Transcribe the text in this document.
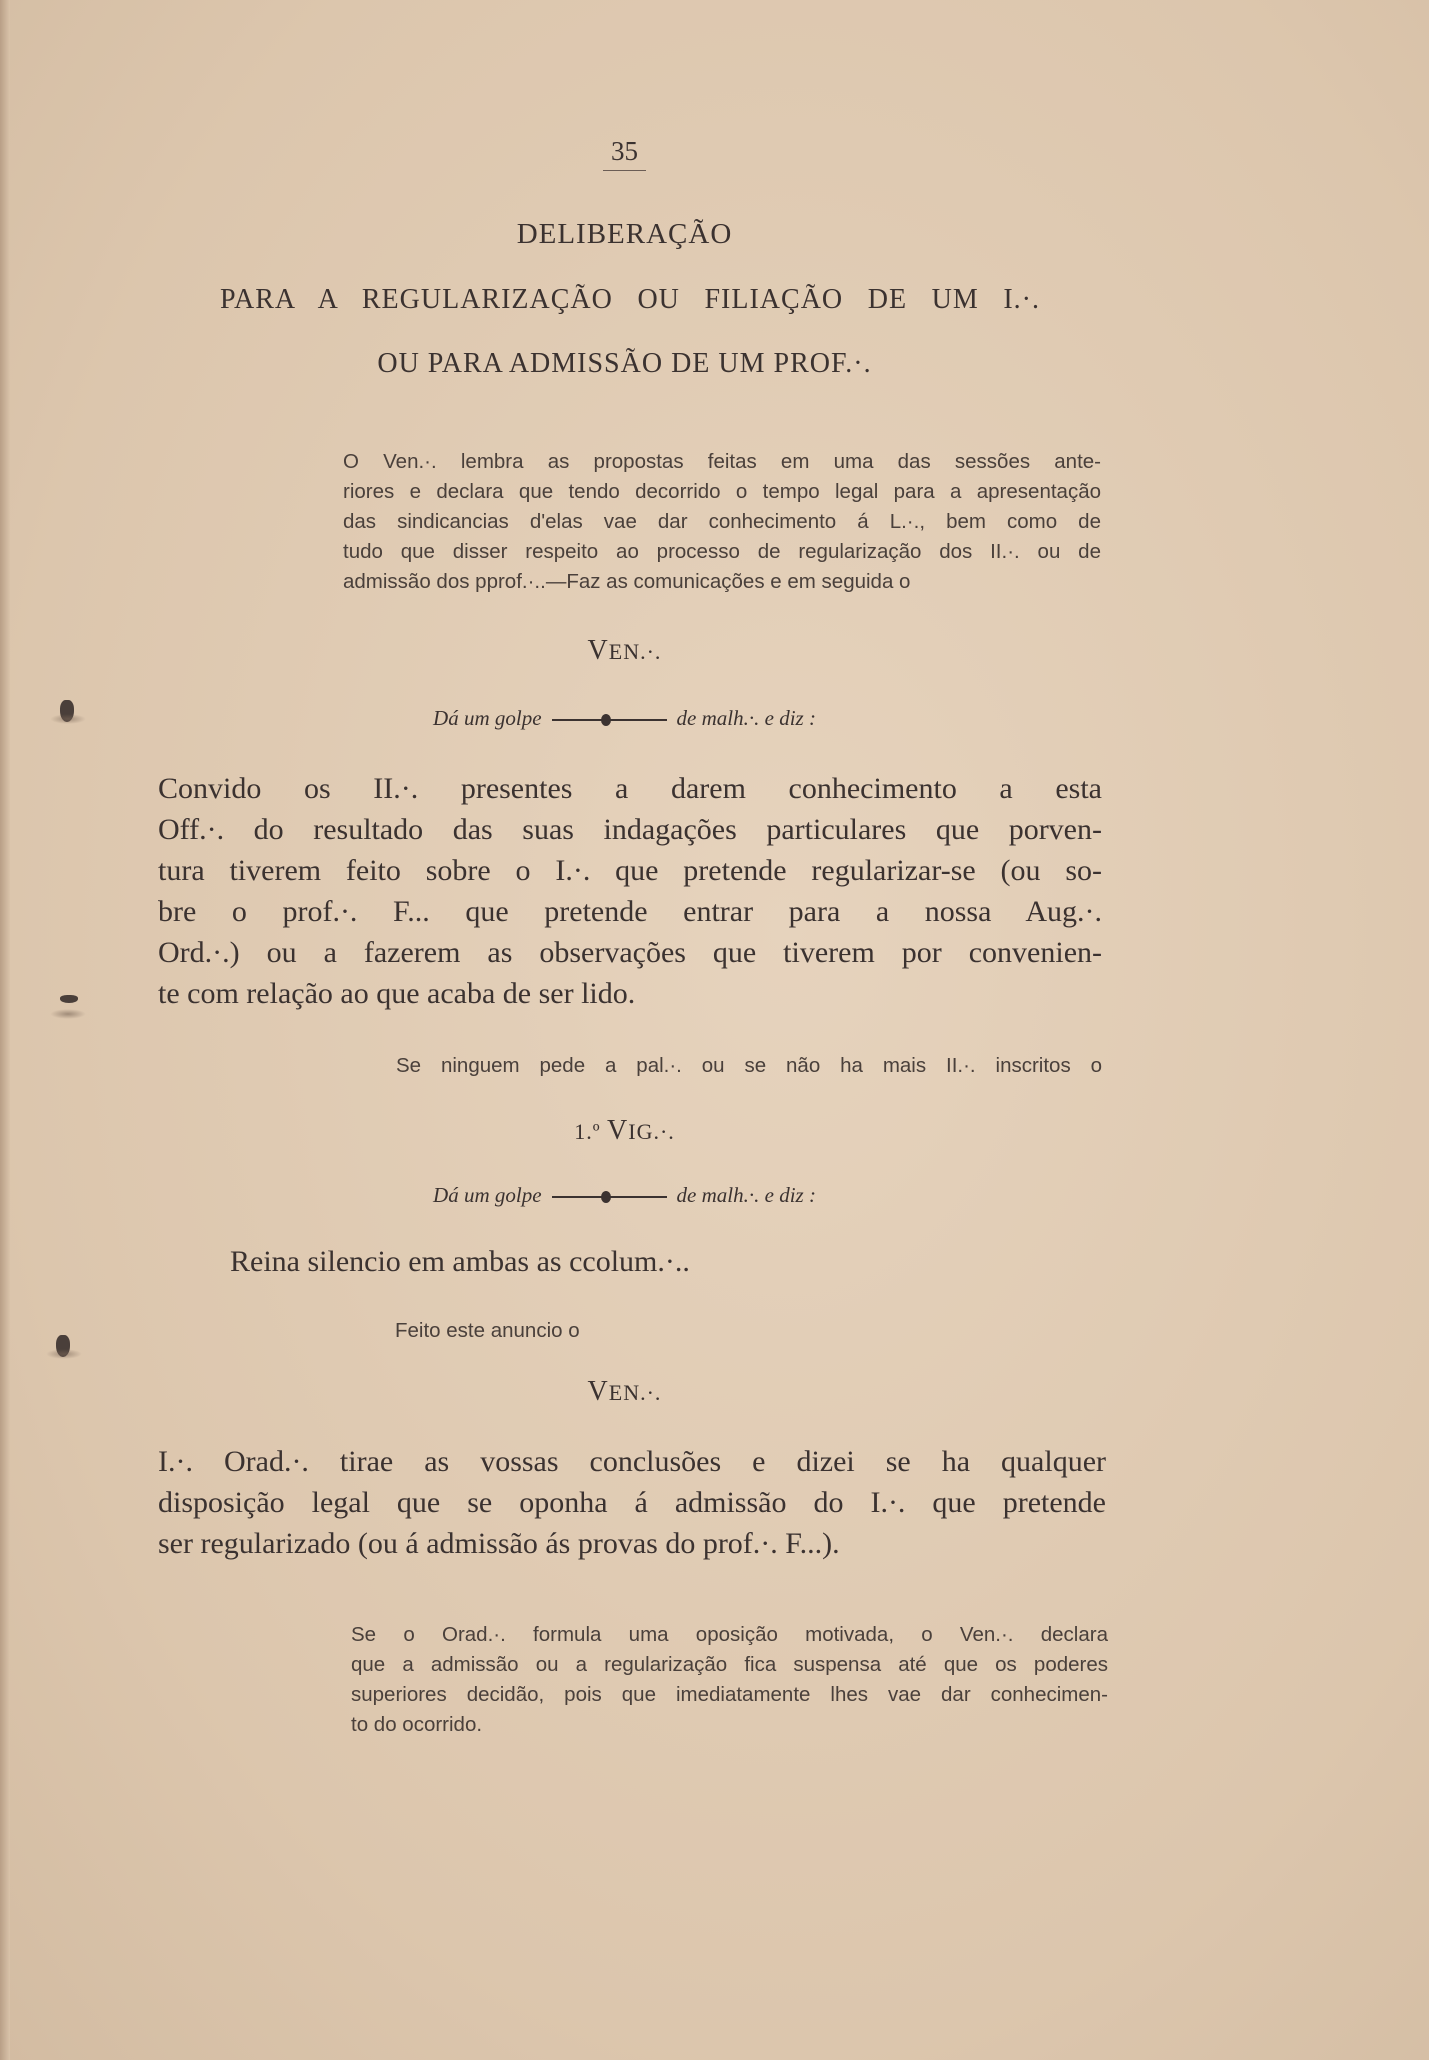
35
DELIBERAÇÃO
PARA A REGULARIZAÇÃO OU FILIAÇÃO DE UM I.·.
OU PARA ADMISSÃO DE UM PROF.·.
O Ven.·. lembra as propostas feitas em uma das sessões ante-
riores e declara que tendo decorrido o tempo legal para a apresentação
das sindicancias d'elas vae dar conhecimento á L.·., bem como de
tudo que disser respeito ao processo de regularização dos II.·. ou de
admissão dos pprof.·..—Faz as comunicações e em seguida o
VEN.·.
Dá um golpe	de malh.·. e diz :
Convido os II.·. presentes a darem conhecimento a esta
Off.·. do resultado das suas indagações particulares que porven-
tura tiverem feito sobre o I.·. que pretende regularizar-se (ou so-
bre o prof.·. F... que pretende entrar para a nossa Aug.·.
Ord.·.) ou a fazerem as observações que tiverem por convenien-
te com relação ao que acaba de ser lido.
Se ninguem pede a pal.·. ou se não ha mais II.·. inscritos o
1.º VIG.·.
Dá um golpe	de malh.·. e diz :
Reina silencio em ambas as ccolum.·..
Feito este anuncio o
VEN.·.
I.·. Orad.·. tirae as vossas conclusões e dizei se ha qualquer
disposição legal que se oponha á admissão do I.·. que pretende
ser regularizado (ou á admissão ás provas do prof.·. F...).
Se o Orad.·. formula uma oposição motivada, o Ven.·. declara
que a admissão ou a regularização fica suspensa até que os poderes
superiores decidão, pois que imediatamente lhes vae dar conhecimen-
to do ocorrido.
